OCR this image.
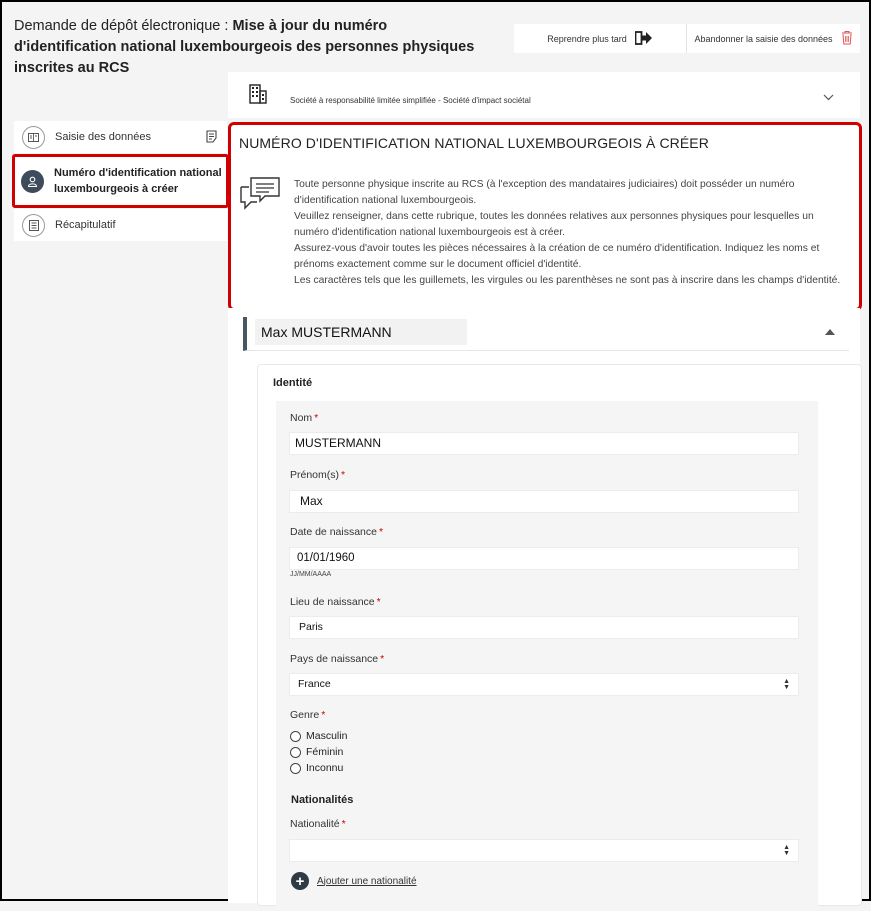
Demande de dépôt électronique : Mise à jour du numéro d'identification national luxembourgeois des personnes physiques inscrites au RCS
Reprendre plus tard	Abandonner la saisie des données
Société à responsabilité limitée simplifiée - Société d'impact sociétal
Saisie des données
Numéro d'identification national luxembourgeois à créer
Récapitulatif
NUMÉRO D'IDENTIFICATION NATIONAL LUXEMBOURGEOIS À CRÉER
Toute personne physique inscrite au RCS (à l'exception des mandataires judiciaires) doit posséder un numéro d'identification national luxembourgeois.
Veuillez renseigner, dans cette rubrique, toutes les données relatives aux personnes physiques pour lesquelles un numéro d'identification national luxembourgeois est à créer.
Assurez-vous d'avoir toutes les pièces nécessaires à la création de ce numéro d'identification. Indiquez les noms et prénoms exactement comme sur le document officiel d'identité.
Les caractères tels que les guillemets, les virgules ou les parenthèses ne sont pas à inscrire dans les champs d'identité.
Max MUSTERMANN
Identité
Nom *
MUSTERMANN
Prénom(s) *
Max
Date de naissance *
01/01/1960
JJ/MM/AAAA
Lieu de naissance *
Paris
Pays de naissance *
France	▲
▼
Genre *
Masculin
Féminin
Inconnu
Nationalités
Nationalité *
▲
▼
+	Ajouter une nationalité
